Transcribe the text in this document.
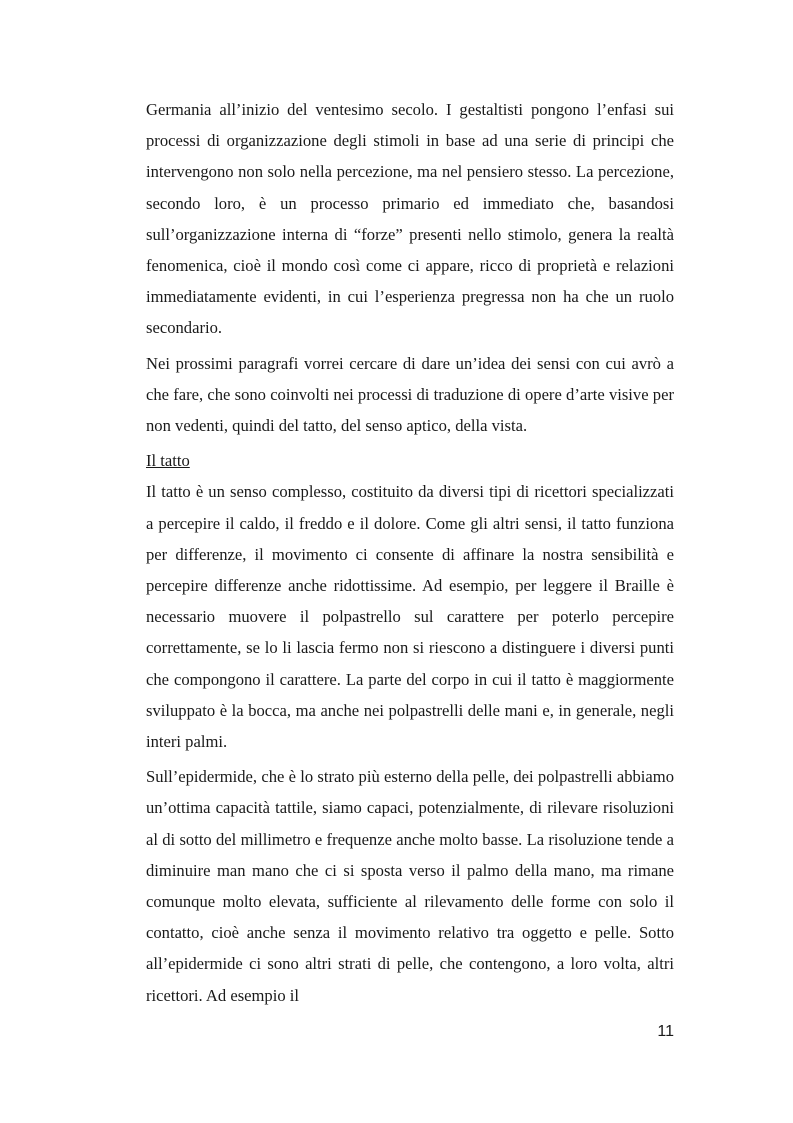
Germania all’inizio del ventesimo secolo. I gestaltisti pongono l’enfasi sui processi di organizzazione degli stimoli in base ad una serie di principi che intervengono non solo nella percezione, ma nel pensiero stesso. La percezione, secondo loro, è un processo primario ed immediato che, basandosi sull’organizzazione interna di “forze” presenti nello stimolo, genera la realtà fenomenica, cioè il mondo così come ci appare, ricco di proprietà e relazioni immediatamente evidenti, in cui l’esperienza pregressa non ha che un ruolo secondario.

Nei prossimi paragrafi vorrei cercare di dare un’idea dei sensi con cui avrò a che fare, che sono coinvolti nei processi di traduzione di opere d’arte visive per non vedenti, quindi del tatto, del senso aptico, della vista.

Il tatto

Il tatto è un senso complesso, costituito da diversi tipi di ricettori specializzati a percepire il caldo, il freddo e il dolore. Come gli altri sensi, il tatto funziona per differenze, il movimento ci consente di affinare la nostra sensibilità e percepire differenze anche ridottissime. Ad esempio, per leggere il Braille è necessario muovere il polpastrello sul carattere per poterlo percepire correttamente, se lo li lascia fermo non si riescono a distinguere i diversi punti che compongono il carattere. La parte del corpo in cui il tatto è maggiormente sviluppato è la bocca, ma anche nei polpastrelli delle mani e, in generale, negli interi palmi.

Sull’epidermide, che è lo strato più esterno della pelle, dei polpastrelli abbiamo un’ottima capacità tattile, siamo capaci, potenzialmente, di rilevare risoluzioni al di sotto del millimetro e frequenze anche molto basse. La risoluzione tende a diminuire man mano che ci si sposta verso il palmo della mano, ma rimane comunque molto elevata, sufficiente al rilevamento delle forme con solo il contatto, cioè anche senza il movimento relativo tra oggetto e pelle. Sotto all’epidermide ci sono altri strati di pelle, che contengono, a loro volta, altri ricettori. Ad esempio il

11
